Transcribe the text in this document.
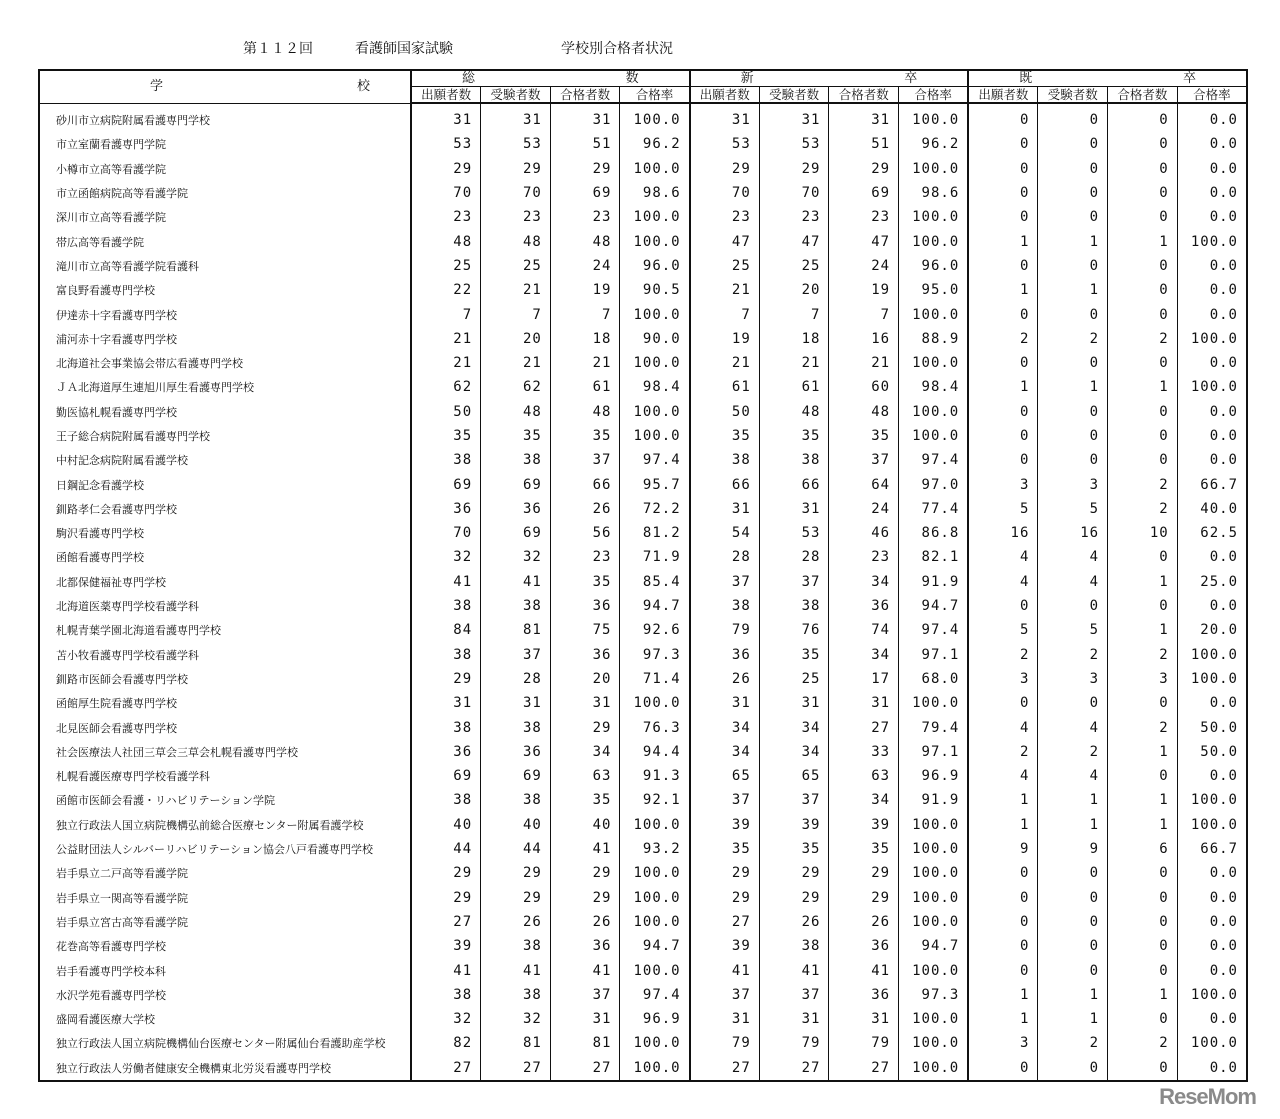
第１１２回	看護師国家試験	学校別合格者状況
学 校	総 数				新 卒				既 卒			

	出願者数	受験者数	合格者数	合格率	出願者数	受験者数	合格者数	合格率	出願者数	受験者数	合格者数	合格率
砂川市立病院附属看護専門学校	31	31	31	100.0	31	31	31	100.0	0	0	0	0.0
市立室蘭看護専門学院	53	53	51	96.2	53	53	51	96.2	0	0	0	0.0
小樽市立高等看護学院	29	29	29	100.0	29	29	29	100.0	0	0	0	0.0
市立函館病院高等看護学院	70	70	69	98.6	70	70	69	98.6	0	0	0	0.0
深川市立高等看護学院	23	23	23	100.0	23	23	23	100.0	0	0	0	0.0
帯広高等看護学院	48	48	48	100.0	47	47	47	100.0	1	1	1	100.0
滝川市立高等看護学院看護科	25	25	24	96.0	25	25	24	96.0	0	0	0	0.0
富良野看護専門学校	22	21	19	90.5	21	20	19	95.0	1	1	0	0.0
伊達赤十字看護専門学校	7	7	7	100.0	7	7	7	100.0	0	0	0	0.0
浦河赤十字看護専門学校	21	20	18	90.0	19	18	16	88.9	2	2	2	100.0
北海道社会事業協会帯広看護専門学校	21	21	21	100.0	21	21	21	100.0	0	0	0	0.0
ＪＡ北海道厚生連旭川厚生看護専門学校	62	62	61	98.4	61	61	60	98.4	1	1	1	100.0
勤医協札幌看護専門学校	50	48	48	100.0	50	48	48	100.0	0	0	0	0.0
王子総合病院附属看護専門学校	35	35	35	100.0	35	35	35	100.0	0	0	0	0.0
中村記念病院附属看護学校	38	38	37	97.4	38	38	37	97.4	0	0	0	0.0
日鋼記念看護学校	69	69	66	95.7	66	66	64	97.0	3	3	2	66.7
釧路孝仁会看護専門学校	36	36	26	72.2	31	31	24	77.4	5	5	2	40.0
駒沢看護専門学校	70	69	56	81.2	54	53	46	86.8	16	16	10	62.5
函館看護専門学校	32	32	23	71.9	28	28	23	82.1	4	4	0	0.0
北都保健福祉専門学校	41	41	35	85.4	37	37	34	91.9	4	4	1	25.0
北海道医薬専門学校看護学科	38	38	36	94.7	38	38	36	94.7	0	0	0	0.0
札幌青葉学園北海道看護専門学校	84	81	75	92.6	79	76	74	97.4	5	5	1	20.0
苫小牧看護専門学校看護学科	38	37	36	97.3	36	35	34	97.1	2	2	2	100.0
釧路市医師会看護専門学校	29	28	20	71.4	26	25	17	68.0	3	3	3	100.0
函館厚生院看護専門学校	31	31	31	100.0	31	31	31	100.0	0	0	0	0.0
北見医師会看護専門学校	38	38	29	76.3	34	34	27	79.4	4	4	2	50.0
社会医療法人社団三草会三草会札幌看護専門学校	36	36	34	94.4	34	34	33	97.1	2	2	1	50.0
札幌看護医療専門学校看護学科	69	69	63	91.3	65	65	63	96.9	4	4	0	0.0
函館市医師会看護・リハビリテーション学院	38	38	35	92.1	37	37	34	91.9	1	1	1	100.0
独立行政法人国立病院機構弘前総合医療センター附属看護学校	40	40	40	100.0	39	39	39	100.0	1	1	1	100.0
公益財団法人シルバーリハビリテーション協会八戸看護専門学校	44	44	41	93.2	35	35	35	100.0	9	9	6	66.7
岩手県立二戸高等看護学院	29	29	29	100.0	29	29	29	100.0	0	0	0	0.0
岩手県立一関高等看護学院	29	29	29	100.0	29	29	29	100.0	0	0	0	0.0
岩手県立宮古高等看護学院	27	26	26	100.0	27	26	26	100.0	0	0	0	0.0
花巻高等看護専門学校	39	38	36	94.7	39	38	36	94.7	0	0	0	0.0
岩手看護専門学校本科	41	41	41	100.0	41	41	41	100.0	0	0	0	0.0
水沢学苑看護専門学校	38	38	37	97.4	37	37	36	97.3	1	1	1	100.0
盛岡看護医療大学校	32	32	31	96.9	31	31	31	100.0	1	1	0	0.0
独立行政法人国立病院機構仙台医療センター附属仙台看護助産学校	82	81	81	100.0	79	79	79	100.0	3	2	2	100.0
独立行政法人労働者健康安全機構東北労災看護専門学校	27	27	27	100.0	27	27	27	100.0	0	0	0	0.0
ReseMom
